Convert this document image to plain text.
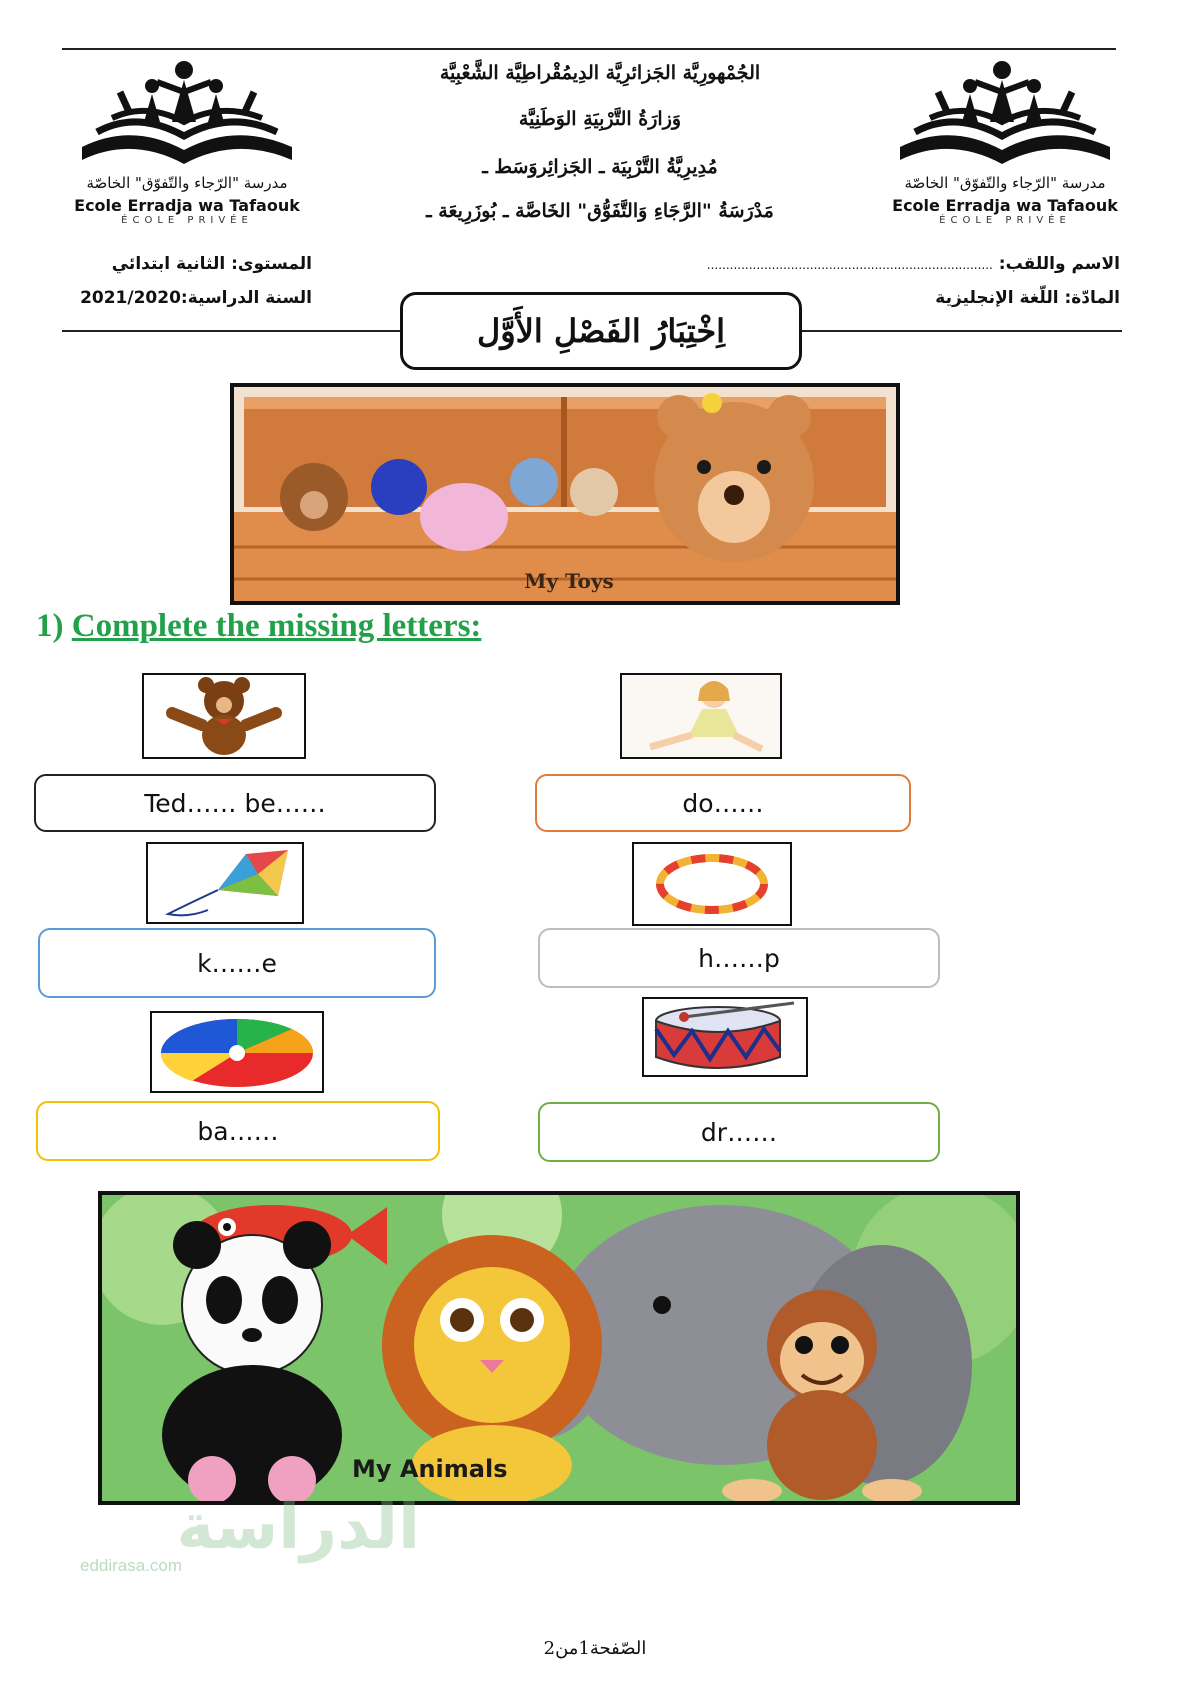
مدرسة "الرّجاء والتّفوّق" الخاصّة
Ecole Erradja wa Tafaouk
ÉCOLE PRIVÉE
مدرسة "الرّجاء والتّفوّق" الخاصّة
Ecole Erradja wa Tafaouk
ÉCOLE PRIVÉE
الجُمْهورِيَّة الجَزائرِيَّة الدِيمُقْراطِيَّة الشَّعْبِيَّة
وَزارَةُ التَّرْبِيَةِ الوَطَنِيَّة
مُدِيرِيَّةُ التَّرْبِيَة ـ الجَزائِروَسَط ـ
مَدْرَسَةُ "الرَّجَاءِ وَالتَّفَوُّق" الخَاصَّة ـ بُوزَرِيعَة ـ
الاسم واللقب: ...........................................................................
المادّة: اللّغة الإنجليزية
المستوى: الثانية ابتدائي
السنة الدراسية:2021/2020
اِخْتِبَارُ الفَصْلِ الأَوَّل
My Toys
1) Complete the missing letters:
Ted…… be……	do……
k……e	h……p
ba……	dr……
My Animals
الدراسة
eddirasa.com
الصّفحة1من2
